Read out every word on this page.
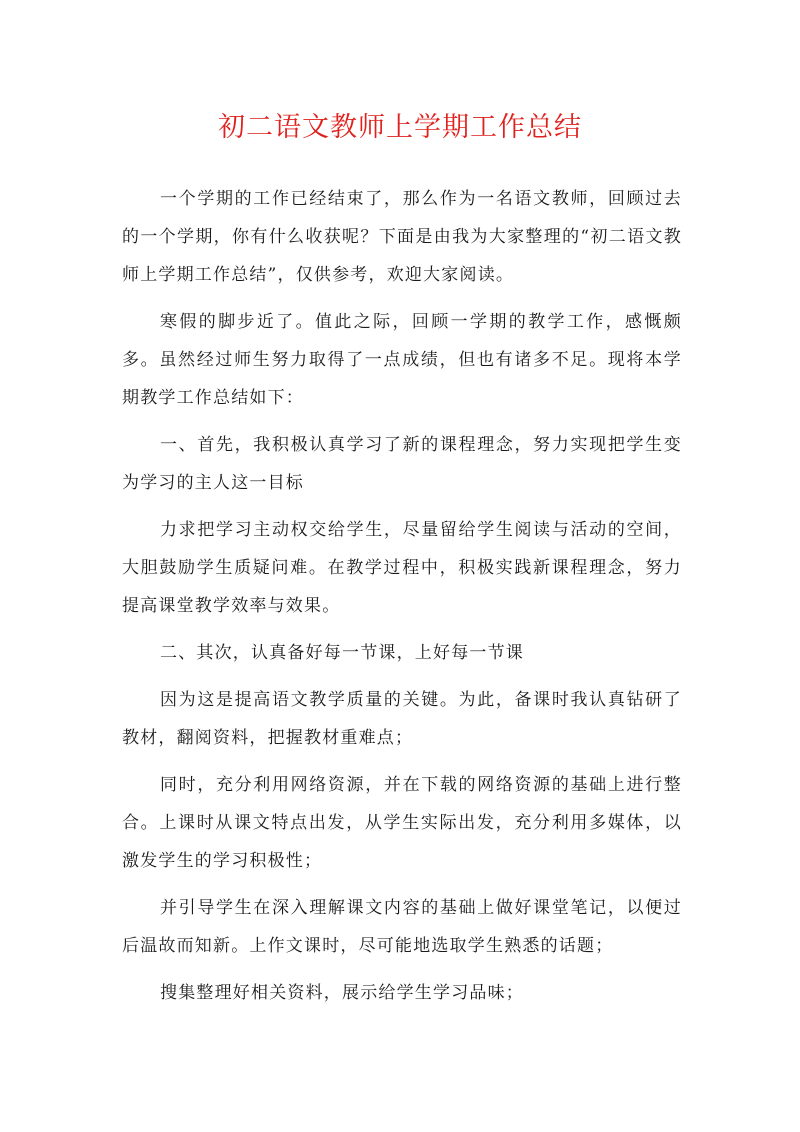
初二语文教师上学期工作总结

一个学期的工作已经结束了，那么作为一名语文教师，回顾过去的一个学期，你有什么收获呢？下面是由我为大家整理的“初二语文教师上学期工作总结”，仅供参考，欢迎大家阅读。

寒假的脚步近了。值此之际，回顾一学期的教学工作，感慨颇多。虽然经过师生努力取得了一点成绩，但也有诸多不足。现将本学期教学工作总结如下：

一、首先，我积极认真学习了新的课程理念，努力实现把学生变为学习的主人这一目标

力求把学习主动权交给学生，尽量留给学生阅读与活动的空间，大胆鼓励学生质疑问难。在教学过程中，积极实践新课程理念，努力提高课堂教学效率与效果。

二、其次，认真备好每一节课，上好每一节课

因为这是提高语文教学质量的关键。为此，备课时我认真钻研了教材，翻阅资料，把握教材重难点；

同时，充分利用网络资源，并在下载的网络资源的基础上进行整合。上课时从课文特点出发，从学生实际出发，充分利用多媒体，以激发学生的学习积极性；

并引导学生在深入理解课文内容的基础上做好课堂笔记，以便过后温故而知新。上作文课时，尽可能地选取学生熟悉的话题；

搜集整理好相关资料，展示给学生学习品味；
